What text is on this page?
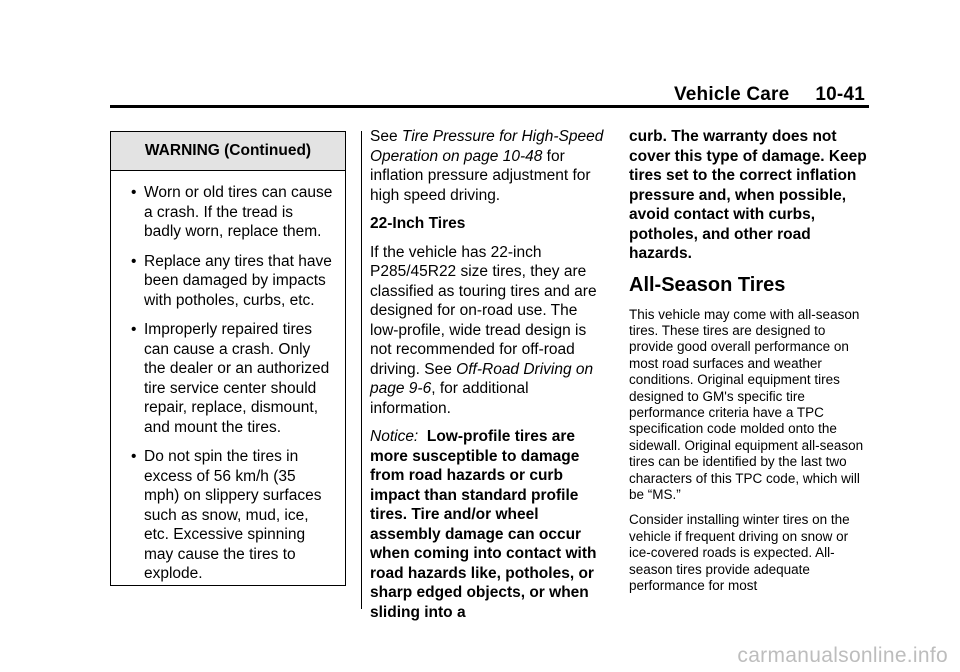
Vehicle Care 10-41
WARNING (Continued)
• Worn or old tires can cause a crash. If the tread is badly worn, replace them.
• Replace any tires that have been damaged by impacts with potholes, curbs, etc.
• Improperly repaired tires can cause a crash. Only the dealer or an authorized tire service center should repair, replace, dismount, and mount the tires.
• Do not spin the tires in excess of 56 km/h (35 mph) on slippery surfaces such as snow, mud, ice, etc. Excessive spinning may cause the tires to explode.

See Tire Pressure for High-Speed Operation on page 10-48 for inflation pressure adjustment for high speed driving.

22-Inch Tires

If the vehicle has 22-inch P285/45R22 size tires, they are classified as touring tires and are designed for on-road use. The low-profile, wide tread design is not recommended for off-road driving. See Off-Road Driving on page 9-6, for additional information.

Notice: Low-profile tires are more susceptible to damage from road hazards or curb impact than standard profile tires. Tire and/or wheel assembly damage can occur when coming into contact with road hazards like, potholes, or sharp edged objects, or when sliding into a

curb. The warranty does not cover this type of damage. Keep tires set to the correct inflation pressure and, when possible, avoid contact with curbs, potholes, and other road hazards.

All-Season Tires

This vehicle may come with all-season tires. These tires are designed to provide good overall performance on most road surfaces and weather conditions. Original equipment tires designed to GM's specific tire performance criteria have a TPC specification code molded onto the sidewall. Original equipment all-season tires can be identified by the last two characters of this TPC code, which will be “MS.”

Consider installing winter tires on the vehicle if frequent driving on snow or ice-covered roads is expected. All-season tires provide adequate performance for most

carmanualsonline.info
